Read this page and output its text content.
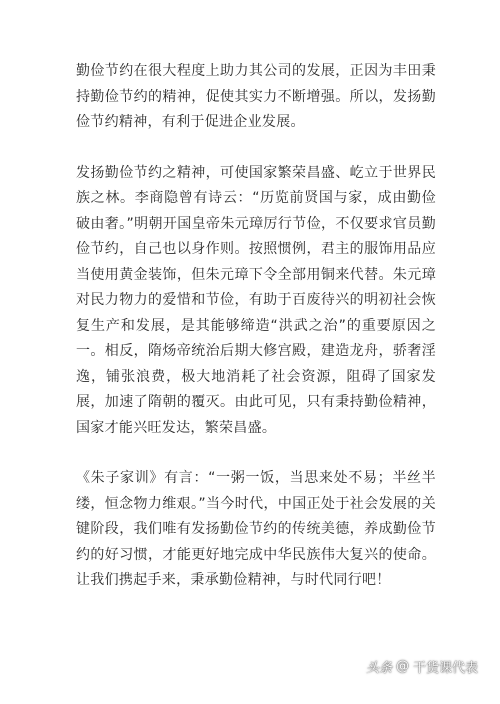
勤俭节约在很大程度上助力其公司的发展，正因为丰田秉持勤俭节约的精神，促使其实力不断增强。所以，发扬勤俭节约精神，有利于促进企业发展。

发扬勤俭节约之精神，可使国家繁荣昌盛、屹立于世界民族之林。李商隐曾有诗云：“历览前贤国与家，成由勤俭破由奢。”明朝开国皇帝朱元璋厉行节俭，不仅要求官员勤俭节约，自己也以身作则。按照惯例，君主的服饰用品应当使用黄金装饰，但朱元璋下令全部用铜来代替。朱元璋对民力物力的爱惜和节俭，有助于百废待兴的明初社会恢复生产和发展，是其能够缔造“洪武之治”的重要原因之一。相反，隋炀帝统治后期大修宫殿，建造龙舟，骄奢淫逸，铺张浪费，极大地消耗了社会资源，阻碍了国家发展，加速了隋朝的覆灭。由此可见，只有秉持勤俭精神，国家才能兴旺发达，繁荣昌盛。

《朱子家训》有言：“一粥一饭，当思来处不易；半丝半缕，恒念物力维艰。”当今时代，中国正处于社会发展的关键阶段，我们唯有发扬勤俭节约的传统美德，养成勤俭节约的好习惯，才能更好地完成中华民族伟大复兴的使命。让我们携起手来，秉承勤俭精神，与时代同行吧！

头条 @ 干货课代表
